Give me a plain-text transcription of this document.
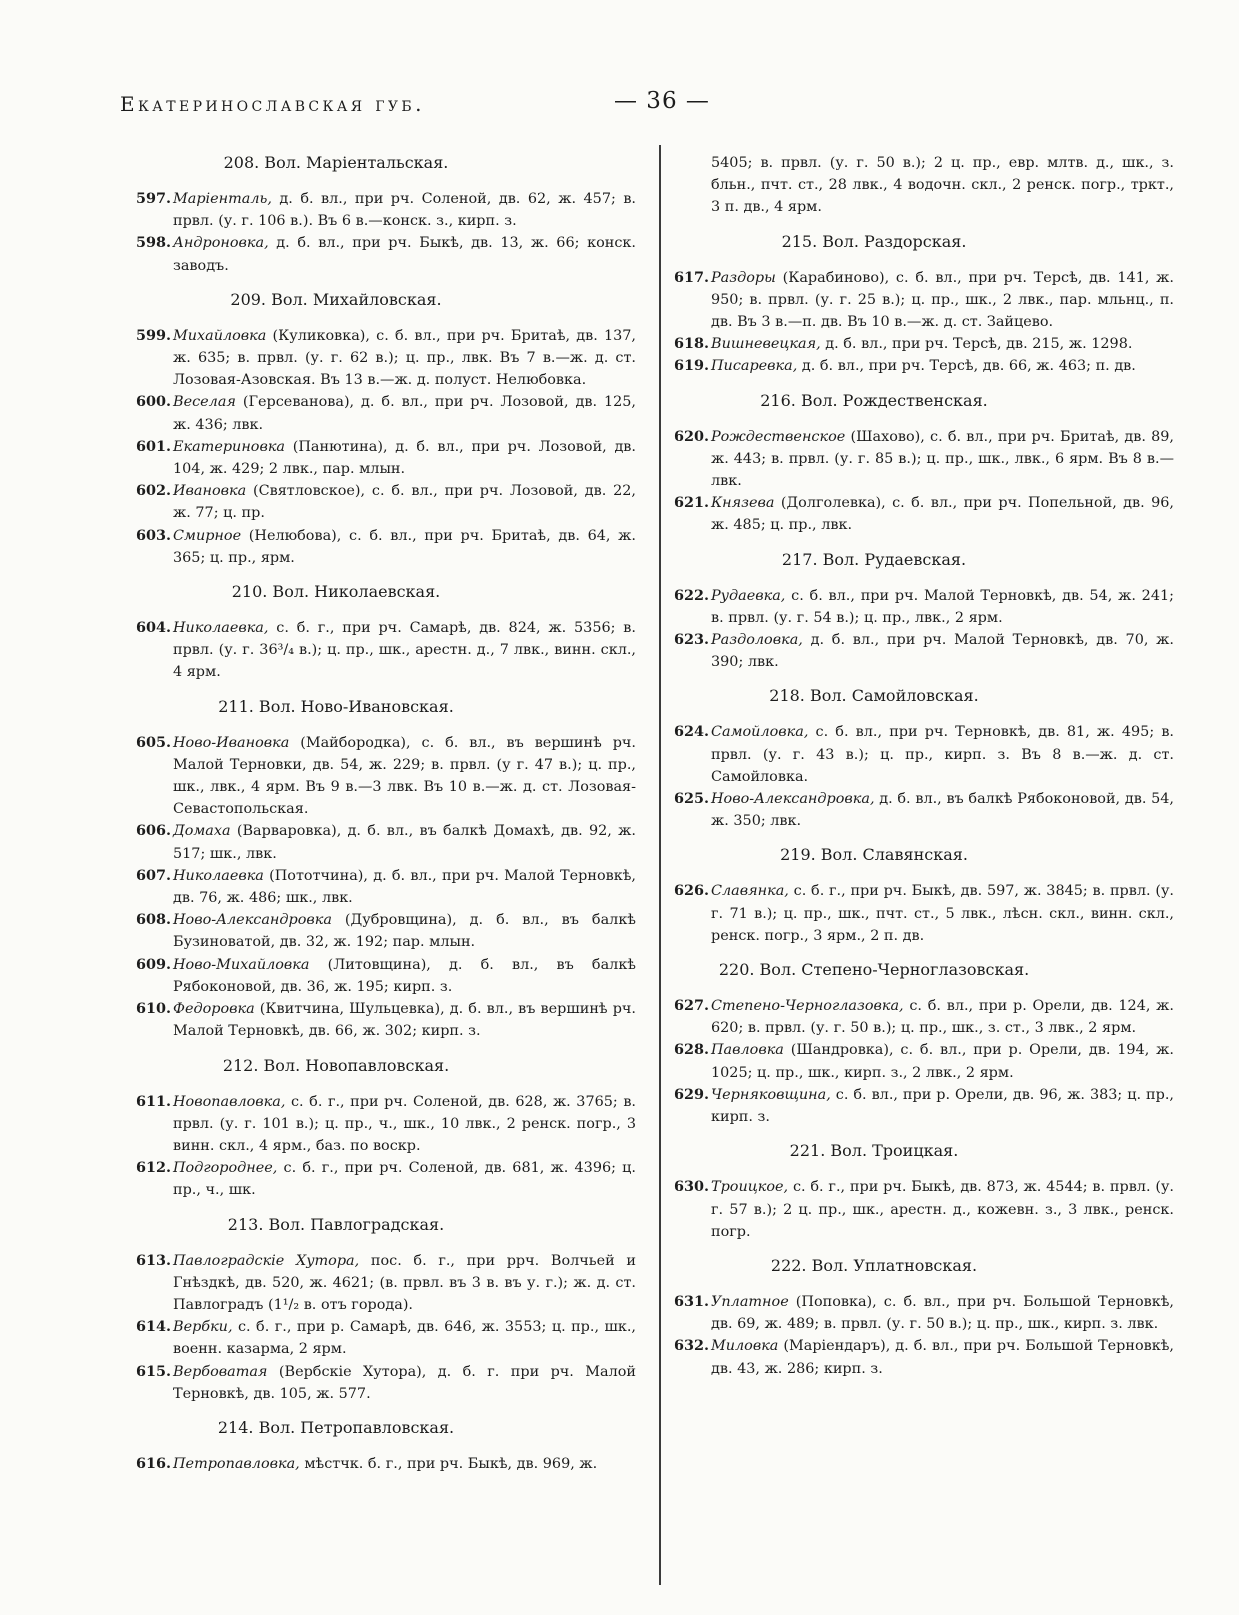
Екатеринославская губ.	— 36 —
208. Вол. Маріентальская.
597. Маріенталь, д. б. вл., при рч. Соленой, дв. 62, ж. 457; в. првл. (у. г. 106 в.). Въ 6 в.—конск. з., кирп. з.
598. Андроновка, д. б. вл., при рч. Быкѣ, дв. 13, ж. 66; конск. заводъ.
209. Вол. Михайловская.
599. Михайловка (Куликовка), с. б. вл., при рч. Бритаѣ, дв. 137, ж. 635; в. првл. (у. г. 62 в.); ц. пр., лвк. Въ 7 в.—ж. д. ст. Лозовая-Азовская. Въ 13 в.—ж. д. полуст. Нелюбовка.
600. Веселая (Герсеванова), д. б. вл., при рч. Лозовой, дв. 125, ж. 436; лвк.
601. Екатериновка (Панютина), д. б. вл., при рч. Лозовой, дв. 104, ж. 429; 2 лвк., пар. млын.
602. Ивановка (Святловское), с. б. вл., при рч. Лозовой, дв. 22, ж. 77; ц. пр.
603. Смирное (Нелюбова), с. б. вл., при рч. Бритаѣ, дв. 64, ж. 365; ц. пр., ярм.
210. Вол. Николаевская.
604. Николаевка, с. б. г., при рч. Самарѣ, дв. 824, ж. 5356; в. првл. (у. г. 36³/₄ в.); ц. пр., шк., арестн. д., 7 лвк., винн. скл., 4 ярм.
211. Вол. Ново-Ивановская.
605. Ново-Ивановка (Майбородка), с. б. вл., въ вершинѣ рч. Малой Терновки, дв. 54, ж. 229; в. првл. (у г. 47 в.); ц. пр., шк., лвк., 4 ярм. Въ 9 в.—3 лвк. Въ 10 в.—ж. д. ст. Лозовая-Севастопольская.
606. Домаха (Варваровка), д. б. вл., въ балкѣ Домахѣ, дв. 92, ж. 517; шк., лвк.
607. Николаевка (Пототчина), д. б. вл., при рч. Малой Терновкѣ, дв. 76, ж. 486; шк., лвк.
608. Ново-Александровка (Дубровщина), д. б. вл., въ балкѣ Бузиноватой, дв. 32, ж. 192; пар. млын.
609. Ново-Михайловка (Литовщина), д. б. вл., въ балкѣ Рябоконовой, дв. 36, ж. 195; кирп. з.
610. Федоровка (Квитчина, Шульцевка), д. б. вл., въ вершинѣ рч. Малой Терновкѣ, дв. 66, ж. 302; кирп. з.
212. Вол. Новопавловская.
611. Новопавловка, с. б. г., при рч. Соленой, дв. 628, ж. 3765; в. првл. (у. г. 101 в.); ц. пр., ч., шк., 10 лвк., 2 ренск. погр., 3 винн. скл., 4 ярм., баз. по воскр.
612. Подгороднее, с. б. г., при рч. Соленой, дв. 681, ж. 4396; ц. пр., ч., шк.
213. Вол. Павлоградская.
613. Павлоградскіе Хутора, пос. б. г., при ррч. Волчьей и Гнѣздкѣ, дв. 520, ж. 4621; (в. првл. въ 3 в. въ у. г.); ж. д. ст. Павлоградъ (1¹/₂ в. отъ города).
614. Вербки, с. б. г., при р. Самарѣ, дв. 646, ж. 3553; ц. пр., шк., военн. казарма, 2 ярм.
615. Вербоватая (Вербскіе Хутора), д. б. г. при рч. Малой Терновкѣ, дв. 105, ж. 577.
214. Вол. Петропавловская.
616. Петропавловка, мѣстчк. б. г., при рч. Быкѣ, дв. 969, ж.
5405; в. првл. (у. г. 50 в.); 2 ц. пр., евр. млтв. д., шк., з. бльн., пчт. ст., 28 лвк., 4 водочн. скл., 2 ренск. погр., тркт., 3 п. дв., 4 ярм.
215. Вол. Раздорская.
617. Раздоры (Карабиново), с. б. вл., при рч. Терсѣ, дв. 141, ж. 950; в. првл. (у. г. 25 в.); ц. пр., шк., 2 лвк., пар. мльнц., п. дв. Въ 3 в.—п. дв. Въ 10 в.—ж. д. ст. Зайцево.
618. Вишневецкая, д. б. вл., при рч. Терсѣ, дв. 215, ж. 1298.
619. Писаревка, д. б. вл., при рч. Терсѣ, дв. 66, ж. 463; п. дв.
216. Вол. Рождественская.
620. Рождественское (Шахово), с. б. вл., при рч. Бритаѣ, дв. 89, ж. 443; в. првл. (у. г. 85 в.); ц. пр., шк., лвк., 6 ярм. Въ 8 в.—лвк.
621. Князева (Долголевка), с. б. вл., при рч. Попельной, дв. 96, ж. 485; ц. пр., лвк.
217. Вол. Рудаевская.
622. Рудаевка, с. б. вл., при рч. Малой Терновкѣ, дв. 54, ж. 241; в. првл. (у. г. 54 в.); ц. пр., лвк., 2 ярм.
623. Раздоловка, д. б. вл., при рч. Малой Терновкѣ, дв. 70, ж. 390; лвк.
218. Вол. Самойловская.
624. Самойловка, с. б. вл., при рч. Терновкѣ, дв. 81, ж. 495; в. првл. (у. г. 43 в.); ц. пр., кирп. з. Въ 8 в.—ж. д. ст. Самойловка.
625. Ново-Александровка, д. б. вл., въ балкѣ Рябоконовой, дв. 54, ж. 350; лвк.
219. Вол. Славянская.
626. Славянка, с. б. г., при рч. Быкѣ, дв. 597, ж. 3845; в. првл. (у. г. 71 в.); ц. пр., шк., пчт. ст., 5 лвк., лѣсн. скл., винн. скл., ренск. погр., 3 ярм., 2 п. дв.
220. Вол. Степено-Черноглазовская.
627. Степено-Черноглазовка, с. б. вл., при р. Орели, дв. 124, ж. 620; в. првл. (у. г. 50 в.); ц. пр., шк., з. ст., 3 лвк., 2 ярм.
628. Павловка (Шандровка), с. б. вл., при р. Орели, дв. 194, ж. 1025; ц. пр., шк., кирп. з., 2 лвк., 2 ярм.
629. Черняковщина, с. б. вл., при р. Орели, дв. 96, ж. 383; ц. пр., кирп. з.
221. Вол. Троицкая.
630. Троицкое, с. б. г., при рч. Быкѣ, дв. 873, ж. 4544; в. првл. (у. г. 57 в.); 2 ц. пр., шк., арестн. д., кожевн. з., 3 лвк., ренск. погр.
222. Вол. Уплатновская.
631. Уплатное (Поповка), с. б. вл., при рч. Большой Терновкѣ, дв. 69, ж. 489; в. првл. (у. г. 50 в.); ц. пр., шк., кирп. з. лвк.
632. Миловка (Маріендаръ), д. б. вл., при рч. Большой Терновкѣ, дв. 43, ж. 286; кирп. з.
